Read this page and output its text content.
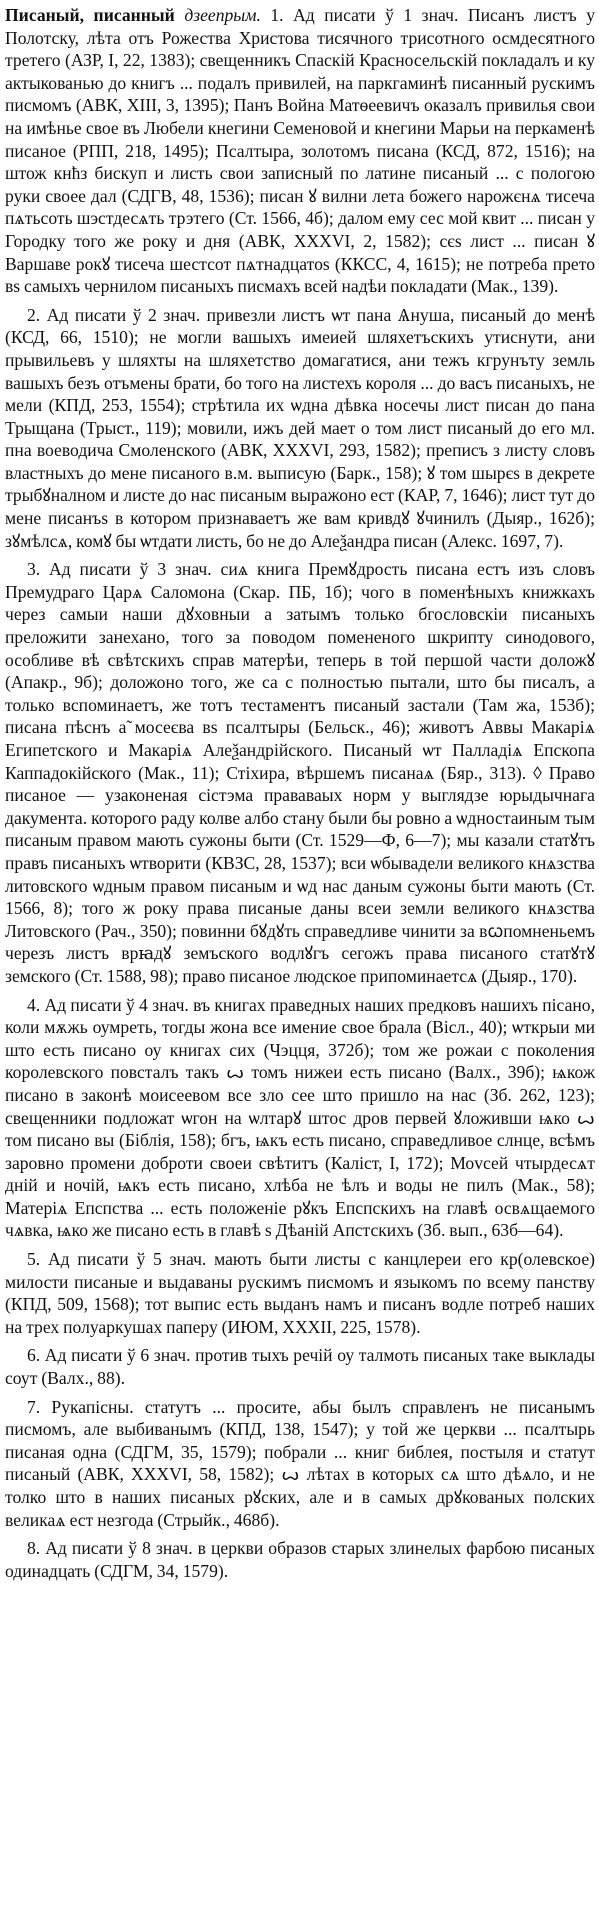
Писаный, писанный дзеeпрым. 1. Ад писати ў 1 знач. Писанъ листъ у Полотску, лѣта отъ Рожества Христова тисячного трисотного осмдесятного третего (АЗР, I, 22, 1383); свещенникъ Спаскій Красносельскій покладалъ и ку актыкованью до книгъ ... подалъ привилей, на паркгаминѣ писанный рускимъ писмомъ (АВК, XIII, 3, 1395); Панъ Война Матѳеевичъ оказалъ привилья свои на имѣнье свое въ Любели кнегини Семеновой и кнегини Марьи на перкаменѣ писаное (РПП, 218, 1495); Псалтыра, золотомъ писана (КСД, 872, 1516); на штож кнħз бискуп и листь свои записный по латине писаный ... с пологою руки своее дал (СДГВ, 48, 1536); писан ꙋ вилни лета божего нарожєнѧ тисеча пѧтьсоть шэстдесѧть трэтего (Ст. 1566, 4б); далом ему сес мой квит ... писан у Городку того же року и дня (АВК, XXXVI, 2, 1582); сєѕ лист ... писан ꙋ Варшаве рокꙋ тисеча шестсот пѧтнадцатоѕ (ККСС, 4, 1615); не потреба прето вѕ самыхъ чернилом писаныхъ писмахъ всей надѣи покладати (Мак., 139).
2. Ад писати ў 2 знач. привезли листъ ѡт пана Ѧнуша, писаный до менѣ (КСД, 66, 1510); не могли вашыхъ имеией шляхетъскихъ утиснути, ани прывильевъ у шляхты на шляхетство домагатися, ани тежъ кгрунъту земль вашыхъ безъ отъмены брати, бо того на листехъ короля ... до васъ писаныхъ, не мели (КПД, 253, 1554); стрѣтила их ѡдна дѣвка носечы лист писан до пана Трыщана (Трыст., 119); мовили, ижъ дей мает о том лист писаный до его мл. пна воеводича Смоленского (АВК, XXXVI, 293, 1582); преписъ з листу словъ властныхъ до мене писаного в.м. выписую (Барк., 158); ꙋ том шырєѕ в декрете трыбꙋналном и листе до нас писаным выражоно ест (КАР, 7, 1646); лист тут до мене писанъѕ в котором признаваетъ же вам кривдꙋ ꙋчинилъ (Дыяр., 162б); зꙋмѣлсѧ, комꙋ бы ѡтдати листь, бо не до Алеѯандра писан (Алекс. 1697, 7).
3. Ад писати ў 3 знач. сиѧ книга Премꙋдрость писана естъ изъ словъ Премудраго Царѧ Саломона (Скар. ПБ, 1б); чого в поменѣныхъ книжкахъ через самыи наши дꙋховныи а затымъ только бгословскіи писаныхъ преложити занехано, того за поводом помененого шкрипту синодового, особливе вѣ свѣтскихъ справ матерѣи, теперь в той першой части доложꙋ (Апакр., 9б); доложоно того, же са с полностью пытали, што бы писалъ, а только вспоминаетъ, же тотъ тестаментъ писаный застали (Там жа, 153б); писана пѣснъ а̃ мосеєва вѕ псалтыры (Бельск., 46); животъ Аввы Макаріѧ Египетского и Макаріѧ Алеѯандрійского. Писаный ѡт Палладiѧ Епскопа Каппадокійского (Мак., 11); Стіхира, вѣршемъ писанаѧ (Бяр., 313). ◊ Право писаное — узаконеная сістэма прававаых норм у выглядзе юрыдычнага дакумента. которого раду колве албо стану были бы ровно а ѡдностаиным тым писаным правом мають сужоны быти (Ст. 1529—Ф, 6—7); мы казали статꙋтъ правъ писаныхъ ѡтворити (КВЗС, 28, 1537); вси ѡбывадели великого кнѧзства литовского ѡдным правом писаным и ѡд нас даным сужоны быти мають (Ст. 1566, 8); того ж року права писаные даны всеи земли великого кнѧзства Литовского (Рач., 350); повинни бꙋдꙋть справедливе чинити за вꙍпомненьемъ черезъ листъ врꙗдꙋ земъского водлꙋгъ сегожъ права писаного статꙋтꙋ земского (Ст. 1588, 98); право писаное людское припоминаетсѧ (Дыяр., 170).
4. Ад писати ў 4 знач. въ книгах праведных наших предковъ нашихъ пісано, коли мѫжь оумреть, тогды жона все имение свое брала (Вісл., 40); ѡткрыи ми што есть писано оу книгах сих (Чэцця, 372б); том же рожаи с поколения королевского повсталъ такъ ꙍ томъ нижеи есть писано (Валх., 39б); ѩкож писано в законѣ моисеевом все зло сее што пришло на нас (Зб. 262, 123); свещенники подложат ѡгон на ѡлтарꙋ штос дров первей ꙋложивши ѩко ꙍ том писано вы (Біблія, 158); бгъ, ѩкъ есть писано, справедливое слнце, всѣмъ заровно промени доброти своеи свѣтитъ (Каліст, I, 172); Моvсей чтырдесѧт дній и ночій, ѩкъ есть писано, хлѣба не ѣлъ и воды не пилъ (Мак., 58); Матерiѧ Епспства ... есть положеніе рꙋкъ Епспскихъ на главѣ освѧщаемого чѧвка, ѩко же писано есть в главѣ ѕ Дѣанiй Апстскихъ (Зб. вып., 63б—64).
5. Ад писати ў 5 знач. мають быти листы с канцлереи его кр(олевское) милости писаные и выдаваны рускимъ писмомъ и языкомъ по всему панству (КПД, 509, 1568); тот выпис есть выданъ намъ и писанъ водле потреб наших на трех полуаркушах паперу (ИЮМ, ХХХII, 225, 1578).
6. Ад писати ў 6 знач. против тыхъ речій оу талмоть писаных таке выклады соут (Валх., 88).
7. Рукапісны. статутъ ... просите, абы былъ справленъ не писанымъ писмомъ, але выбиванымъ (КПД, 138, 1547); у той же церкви ... псалтырь писаная одна (СДГМ, 35, 1579); побрали ... книг библея, постыля и статут писаный (АВК, XXXVI, 58, 1582); ꙍ лѣтах в которых сѧ што дѣѧло, и не толко што в наших писаных рꙋских, але и в самых дрꙋкованых полских великаѧ ест незгода (Стрыйк., 468б).
8. Ад писати ў 8 знач. в церкви образов старых злинелых фарбою писаных одинадцать (СДГМ, 34, 1579).
